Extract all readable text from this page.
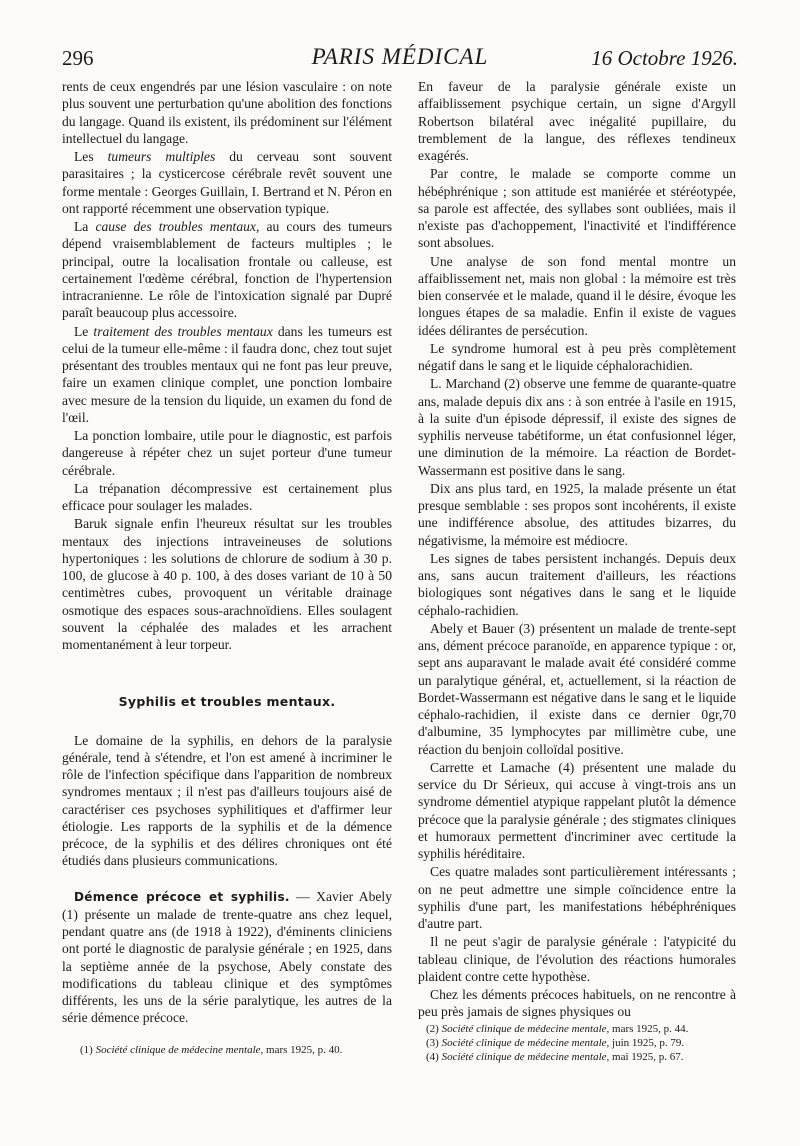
296	PARIS MÉDICAL	16 Octobre 1926.

rents de ceux engendrés par une lésion vasculaire : on note plus souvent une perturbation qu'une abolition des fonctions du langage. Quand ils existent, ils prédominent sur l'élément intellectuel du langage.

Les tumeurs multiples du cerveau sont souvent parasitaires ; la cysticercose cérébrale revêt souvent une forme mentale : Georges Guillain, I. Bertrand et N. Péron en ont rapporté récemment une observation typique.

La cause des troubles mentaux, au cours des tumeurs dépend vraisemblablement de facteurs multiples ; le principal, outre la localisation frontale ou calleuse, est certainement l'œdème cérébral, fonction de l'hypertension intracranienne. Le rôle de l'intoxication signalé par Dupré paraît beaucoup plus accessoire.

Le traitement des troubles mentaux dans les tumeurs est celui de la tumeur elle-même : il faudra donc, chez tout sujet présentant des troubles mentaux qui ne font pas leur preuve, faire un examen clinique complet, une ponction lombaire avec mesure de la tension du liquide, un examen du fond de l'œil.

La ponction lombaire, utile pour le diagnostic, est parfois dangereuse à répéter chez un sujet porteur d'une tumeur cérébrale.

La trépanation décompressive est certainement plus efficace pour soulager les malades.

Baruk signale enfin l'heureux résultat sur les troubles mentaux des injections intraveineuses de solutions hypertoniques : les solutions de chlorure de sodium à 30 p. 100, de glucose à 40 p. 100, à des doses variant de 10 à 50 centimètres cubes, provoquent un véritable drainage osmotique des espaces sous-arachnoïdiens. Elles soulagent souvent la céphalée des malades et les arrachent momentanément à leur torpeur.

Syphilis et troubles mentaux.

Le domaine de la syphilis, en dehors de la paralysie générale, tend à s'étendre, et l'on est amené à incriminer le rôle de l'infection spécifique dans l'apparition de nombreux syndromes mentaux ; il n'est pas d'ailleurs toujours aisé de caractériser ces psychoses syphilitiques et d'affirmer leur étiologie. Les rapports de la syphilis et de la démence précoce, de la syphilis et des délires chroniques ont été étudiés dans plusieurs communications.

Démence précoce et syphilis. — Xavier Abely (1) présente un malade de trente-quatre ans chez lequel, pendant quatre ans (de 1918 à 1922), d'éminents cliniciens ont porté le diagnostic de paralysie générale ; en 1925, dans la septième année de la psychose, Abely constate des modifications du tableau clinique et des symptômes différents, les uns de la série paralytique, les autres de la série démence précoce.

(1) Société clinique de médecine mentale, mars 1925, p. 40.

En faveur de la paralysie générale existe un affaiblissement psychique certain, un signe d'Argyll Robertson bilatéral avec inégalité pupillaire, du tremblement de la langue, des réflexes tendineux exagérés.

Par contre, le malade se comporte comme un hébéphrénique ; son attitude est maniérée et stéréotypée, sa parole est affectée, des syllabes sont oubliées, mais il n'existe pas d'achoppement, l'inactivité et l'indifférence sont absolues.

Une analyse de son fond mental montre un affaiblissement net, mais non global : la mémoire est très bien conservée et le malade, quand il le désire, évoque les longues étapes de sa maladie. Enfin il existe de vagues idées délirantes de persécution.

Le syndrome humoral est à peu près complètement négatif dans le sang et le liquide céphalorachidien.

L. Marchand (2) observe une femme de quarante-quatre ans, malade depuis dix ans : à son entrée à l'asile en 1915, à la suite d'un épisode dépressif, il existe des signes de syphilis nerveuse tabétiforme, un état confusionnel léger, une diminution de la mémoire. La réaction de Bordet-Wassermann est positive dans le sang.

Dix ans plus tard, en 1925, la malade présente un état presque semblable : ses propos sont incohérents, il existe une indifférence absolue, des attitudes bizarres, du négativisme, la mémoire est médiocre.

Les signes de tabes persistent inchangés. Depuis deux ans, sans aucun traitement d'ailleurs, les réactions biologiques sont négatives dans le sang et le liquide céphalo-rachidien.

Abely et Bauer (3) présentent un malade de trente-sept ans, dément précoce paranoïde, en apparence typique : or, sept ans auparavant le malade avait été considéré comme un paralytique général, et, actuellement, si la réaction de Bordet-Wassermann est négative dans le sang et le liquide céphalo-rachidien, il existe dans ce dernier 0gr,70 d'albumine, 35 lymphocytes par millimètre cube, une réaction du benjoin colloïdal positive.

Carrette et Lamache (4) présentent une malade du service du Dr Sérieux, qui accuse à vingt-trois ans un syndrome démentiel atypique rappelant plutôt la démence précoce que la paralysie générale ; des stigmates cliniques et humoraux permettent d'incriminer avec certitude la syphilis héréditaire.

Ces quatre malades sont particulièrement intéressants ; on ne peut admettre une simple coïncidence entre la syphilis d'une part, les manifestations hébéphréniques d'autre part.

Il ne peut s'agir de paralysie générale : l'atypicité du tableau clinique, de l'évolution des réactions humorales plaident contre cette hypothèse.

Chez les déments précoces habituels, on ne rencontre à peu près jamais de signes physiques ou

(2) Société clinique de médecine mentale, mars 1925, p. 44.

(3) Société clinique de médecine mentale, juin 1925, p. 79.

(4) Société clinique de médecine mentale, mai 1925, p. 67.
